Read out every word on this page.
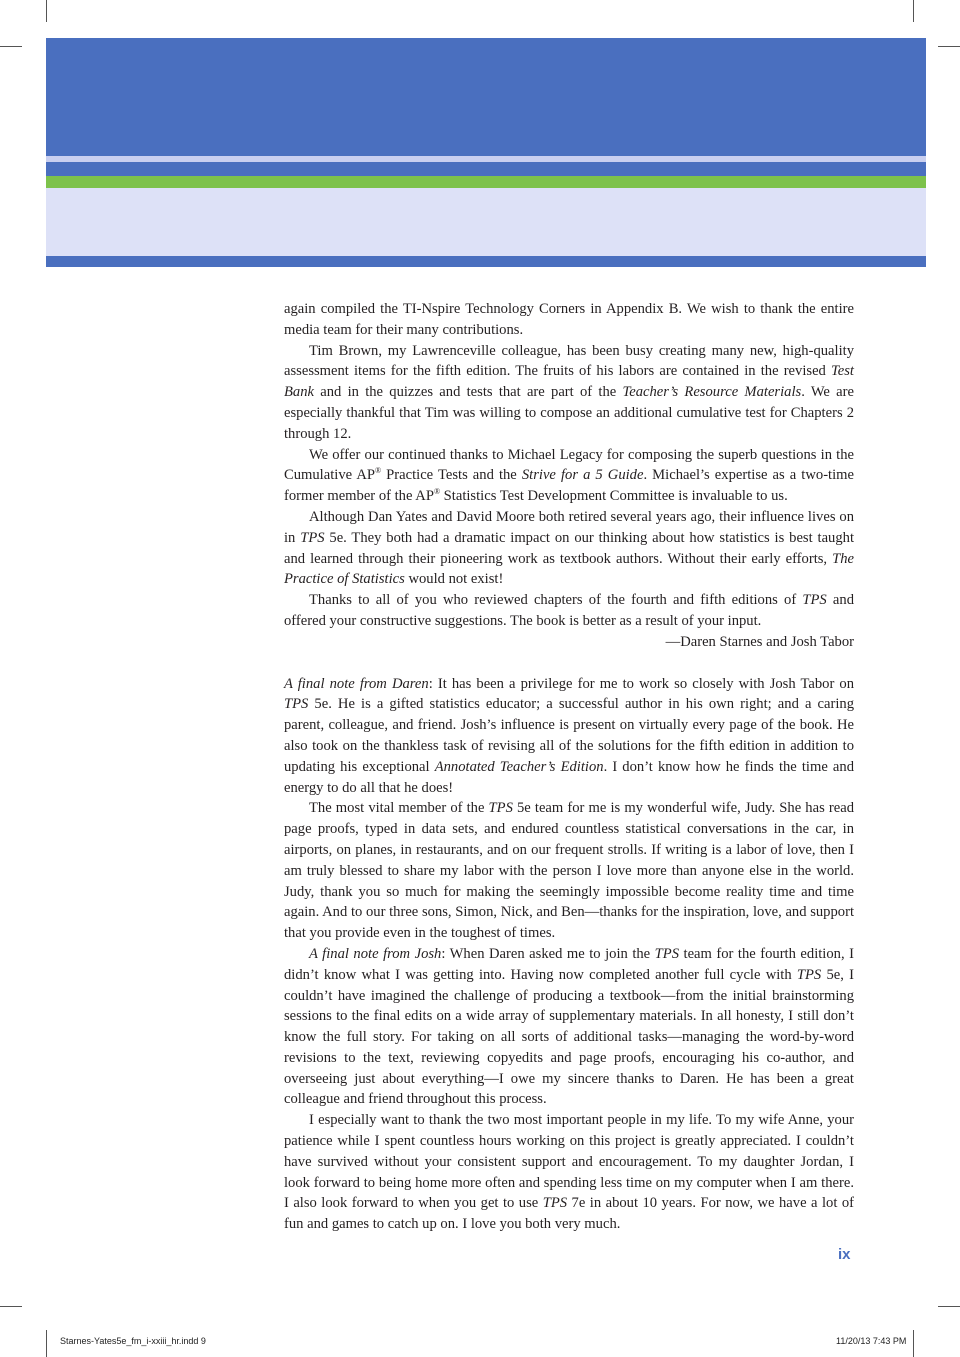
again compiled the TI-Nspire Technology Corners in Appendix B. We wish to thank the entire media team for their many contributions.

Tim Brown, my Lawrenceville colleague, has been busy creating many new, high-quality assessment items for the fifth edition. The fruits of his labors are contained in the revised Test Bank and in the quizzes and tests that are part of the Teacher’s Resource Materials. We are especially thankful that Tim was willing to compose an additional cumulative test for Chapters 2 through 12.

We offer our continued thanks to Michael Legacy for composing the superb questions in the Cumulative AP® Practice Tests and the Strive for a 5 Guide. Michael’s expertise as a two-time former member of the AP® Statistics Test Development Committee is invaluable to us.

Although Dan Yates and David Moore both retired several years ago, their influence lives on in TPS 5e. They both had a dramatic impact on our thinking about how statistics is best taught and learned through their pioneering work as textbook authors. Without their early efforts, The Practice of Statistics would not exist!

Thanks to all of you who reviewed chapters of the fourth and fifth editions of TPS and offered your constructive suggestions. The book is better as a result of your input.

—Daren Starnes and Josh Tabor

A final note from Daren: It has been a privilege for me to work so closely with Josh Tabor on TPS 5e. He is a gifted statistics educator; a successful author in his own right; and a caring parent, colleague, and friend. Josh’s influence is present on virtually every page of the book. He also took on the thankless task of revising all of the solutions for the fifth edition in addition to updating his exceptional Annotated Teacher’s Edition. I don’t know how he finds the time and energy to do all that he does!

The most vital member of the TPS 5e team for me is my wonderful wife, Judy. She has read page proofs, typed in data sets, and endured countless statistical conversations in the car, in airports, on planes, in restaurants, and on our frequent strolls. If writing is a labor of love, then I am truly blessed to share my labor with the person I love more than anyone else in the world. Judy, thank you so much for making the seemingly impossible become reality time and time again. And to our three sons, Simon, Nick, and Ben—thanks for the inspiration, love, and support that you provide even in the toughest of times.

A final note from Josh: When Daren asked me to join the TPS team for the fourth edition, I didn’t know what I was getting into. Having now completed another full cycle with TPS 5e, I couldn’t have imagined the challenge of producing a textbook—from the initial brainstorming sessions to the final edits on a wide array of supplementary materials. In all honesty, I still don’t know the full story. For taking on all sorts of additional tasks—managing the word-by-word revisions to the text, reviewing copyedits and page proofs, encouraging his co-author, and overseeing just about everything—I owe my sincere thanks to Daren. He has been a great colleague and friend throughout this process.

I especially want to thank the two most important people in my life. To my wife Anne, your patience while I spent countless hours working on this project is greatly appreciated. I couldn’t have survived without your consistent support and encouragement. To my daughter Jordan, I look forward to being home more often and spending less time on my computer when I am there. I also look forward to when you get to use TPS 7e in about 10 years. For now, we have a lot of fun and games to catch up on. I love you both very much.

ix
Starnes-Yates5e_fm_i-xxiii_hr.indd 9	11/20/13 7:43 PM
